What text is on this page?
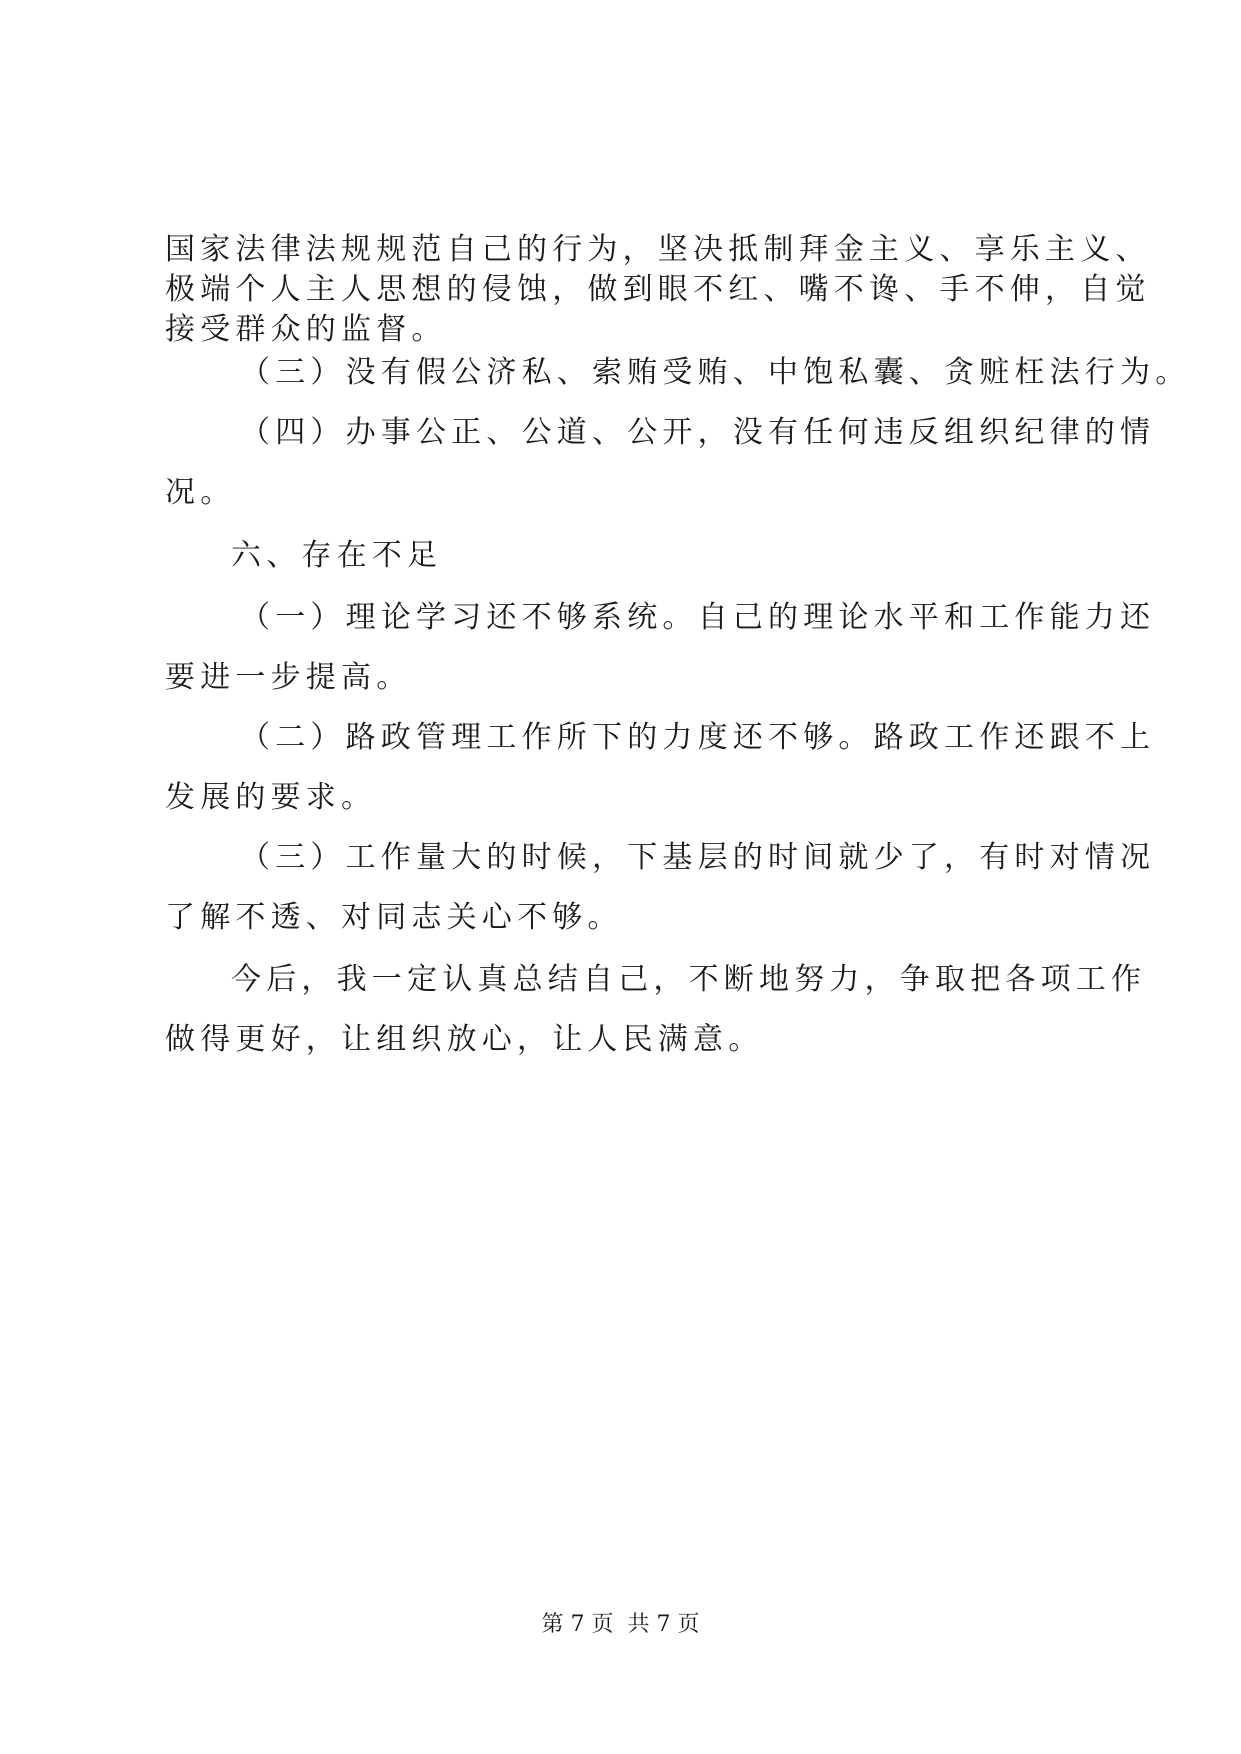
国家法律法规规范自己的行为，坚决抵制拜金主义、享乐主义、
极端个人主人思想的侵蚀，做到眼不红、嘴不谗、手不伸，自觉
接受群众的监督。
（三）没有假公济私、索贿受贿、中饱私囊、贪赃枉法行为。
（四）办事公正、公道、公开，没有任何违反组织纪律的情
况。
六、存在不足
（一）理论学习还不够系统。自己的理论水平和工作能力还
要进一步提高。
（二）路政管理工作所下的力度还不够。路政工作还跟不上
发展的要求。
（三）工作量大的时候，下基层的时间就少了，有时对情况
了解不透、对同志关心不够。
今后，我一定认真总结自己，不断地努力，争取把各项工作
做得更好，让组织放心，让人民满意。
第 7 页  共 7 页
